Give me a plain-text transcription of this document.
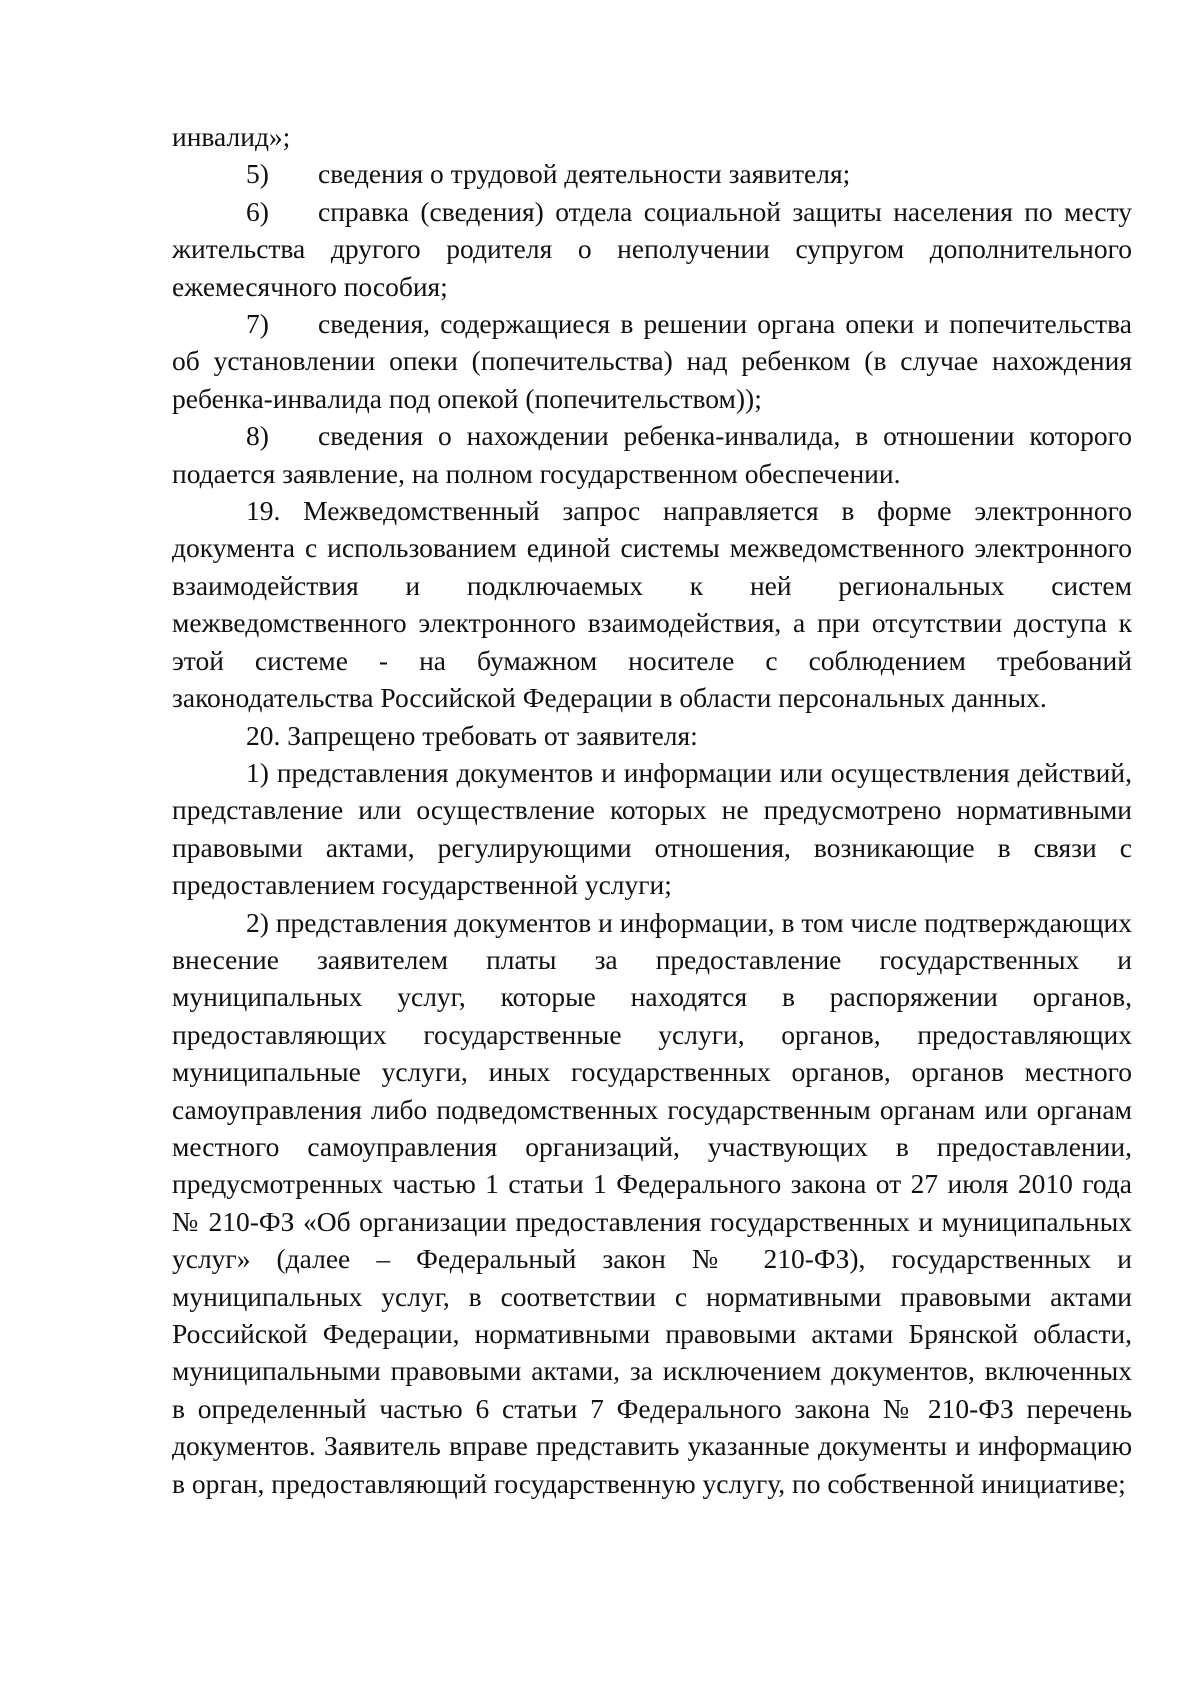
инвалид»;

5) сведения о трудовой деятельности заявителя;

6) справка (сведения) отдела социальной защиты населения по месту жительства другого родителя о неполучении супругом дополнительного ежемесячного пособия;

7) сведения, содержащиеся в решении органа опеки и попечительства об установлении опеки (попечительства) над ребенком (в случае нахождения ребенка-инвалида под опекой (попечительством));

8) сведения о нахождении ребенка-инвалида, в отношении которого подается заявление, на полном государственном обеспечении.

19. Межведомственный запрос направляется в форме электронного документа с использованием единой системы межведомственного электронного взаимодействия и подключаемых к ней региональных систем межведомственного электронного взаимодействия, а при отсутствии доступа к этой системе - на бумажном носителе с соблюдением требований законодательства Российской Федерации в области персональных данных.

20. Запрещено требовать от заявителя:

1) представления документов и информации или осуществления действий, представление или осуществление которых не предусмотрено нормативными правовыми актами, регулирующими отношения, возникающие в связи с предоставлением государственной услуги;

2) представления документов и информации, в том числе подтверждающих внесение заявителем платы за предоставление государственных и муниципальных услуг, которые находятся в распоряжении органов, предоставляющих государственные услуги, органов, предоставляющих муниципальные услуги, иных государственных органов, органов местного самоуправления либо подведомственных государственным органам или органам местного самоуправления организаций, участвующих в предоставлении, предусмотренных частью 1 статьи 1 Федерального закона от 27 июля 2010 года № 210-ФЗ «Об организации предоставления государственных и муниципальных услуг» (далее – Федеральный закон № 210-ФЗ), государственных и муниципальных услуг, в соответствии с нормативными правовыми актами Российской Федерации, нормативными правовыми актами Брянской области, муниципальными правовыми актами, за исключением документов, включенных в определенный частью 6 статьи 7 Федерального закона № 210-ФЗ перечень документов. Заявитель вправе представить указанные документы и информацию в орган, предоставляющий государственную услугу, по собственной инициативе;
